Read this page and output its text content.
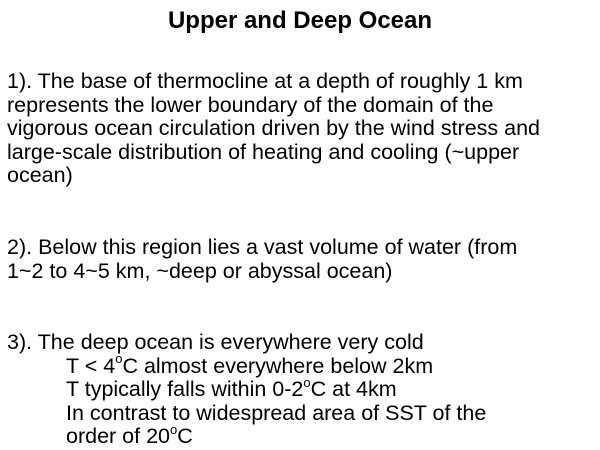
Upper and Deep Ocean
1). The base of thermocline at a depth of roughly 1 km
represents the lower boundary of the domain of the
vigorous ocean circulation driven by the wind stress and
large-scale distribution of heating and cooling (~upper
ocean)
2). Below this region lies a vast volume of water (from
1~2 to 4~5 km, ~deep or abyssal ocean)
3). The deep ocean is everywhere very cold
$T < 4^oC$ almost everywhere below 2km
T typically falls within 0-2$^o$C at 4km
In contrast to widespread area of SST of the
order of 20$^o$C
